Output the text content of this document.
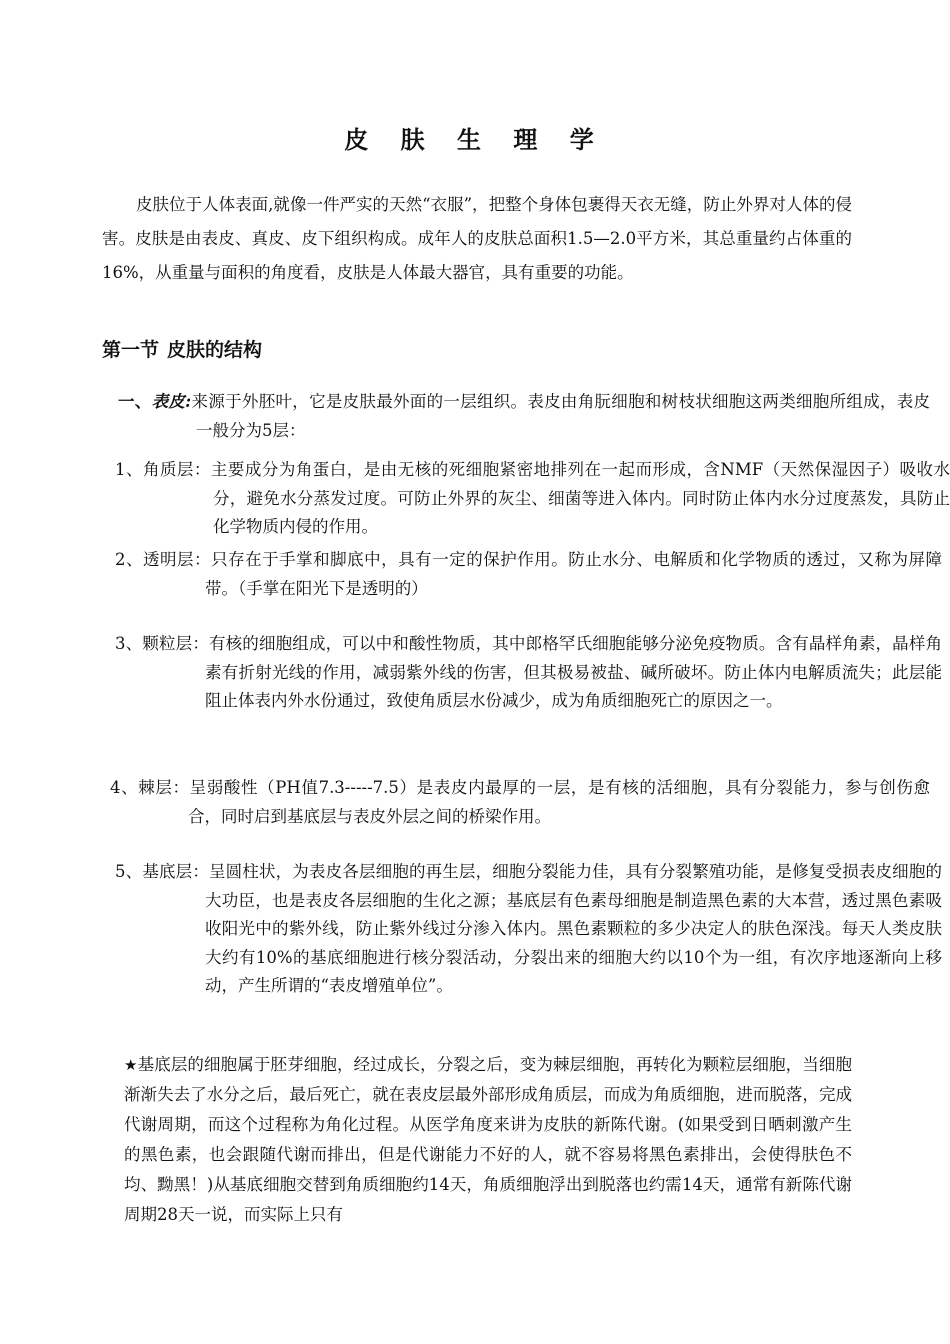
皮 肤 生 理 学

皮肤位于人体表面,就像一件严实的天然“衣服”，把整个身体包裹得天衣无缝，防止外界对人体的侵害。皮肤是由表皮、真皮、皮下组织构成。成年人的皮肤总面积1.5—2.0平方米，其总重量约占体重的16%，从重量与面积的角度看，皮肤是人体最大器官，具有重要的功能。

第一节 皮肤的结构
一、表皮:来源于外胚叶，它是皮肤最外面的一层组织。表皮由角朊细胞和树枝状细胞这两类细胞所组成，表皮一般分为5层：
1、角质层：主要成分为角蛋白，是由无核的死细胞紧密地排列在一起而形成，含NMF（天然保湿因子）吸收水分，避免水分蒸发过度。可防止外界的灰尘、细菌等进入体内。同时防止体内水分过度蒸发，具防止化学物质内侵的作用。
2、透明层：只存在于手掌和脚底中，具有一定的保护作用。防止水分、电解质和化学物质的透过，又称为屏障带。（手掌在阳光下是透明的）
3、颗粒层：有核的细胞组成，可以中和酸性物质，其中郎格罕氏细胞能够分泌免疫物质。含有晶样角素，晶样角素有折射光线的作用，减弱紫外线的伤害，但其极易被盐、碱所破坏。防止体内电解质流失；此层能阻止体表内外水份通过，致使角质层水份减少，成为角质细胞死亡的原因之一。
4、棘层：呈弱酸性（PH值7.3-----7.5）是表皮内最厚的一层，是有核的活细胞，具有分裂能力，参与创伤愈合，同时启到基底层与表皮外层之间的桥梁作用。
5、基底层：呈圆柱状，为表皮各层细胞的再生层，细胞分裂能力佳，具有分裂繁殖功能，是修复受损表皮细胞的大功臣，也是表皮各层细胞的生化之源；基底层有色素母细胞是制造黑色素的大本营，透过黑色素吸收阳光中的紫外线，防止紫外线过分渗入体内。黑色素颗粒的多少决定人的肤色深浅。每天人类皮肤大约有10%的基底细胞进行核分裂活动，分裂出来的细胞大约以10个为一组，有次序地逐渐向上移动，产生所谓的“表皮增殖单位”。
★基底层的细胞属于胚芽细胞，经过成长，分裂之后，变为棘层细胞，再转化为颗粒层细胞，当细胞渐渐失去了水分之后，最后死亡，就在表皮层最外部形成角质层，而成为角质细胞，进而脱落，完成代谢周期，而这个过程称为角化过程。从医学角度来讲为皮肤的新陈代谢。(如果受到日晒刺激产生的黑色素，也会跟随代谢而排出，但是代谢能力不好的人，就不容易将黑色素排出，会使得肤色不均、黝黑！)从基底细胞交替到角质细胞约14天，角质细胞浮出到脱落也约需14天，通常有新陈代谢周期28天一说，而实际上只有
